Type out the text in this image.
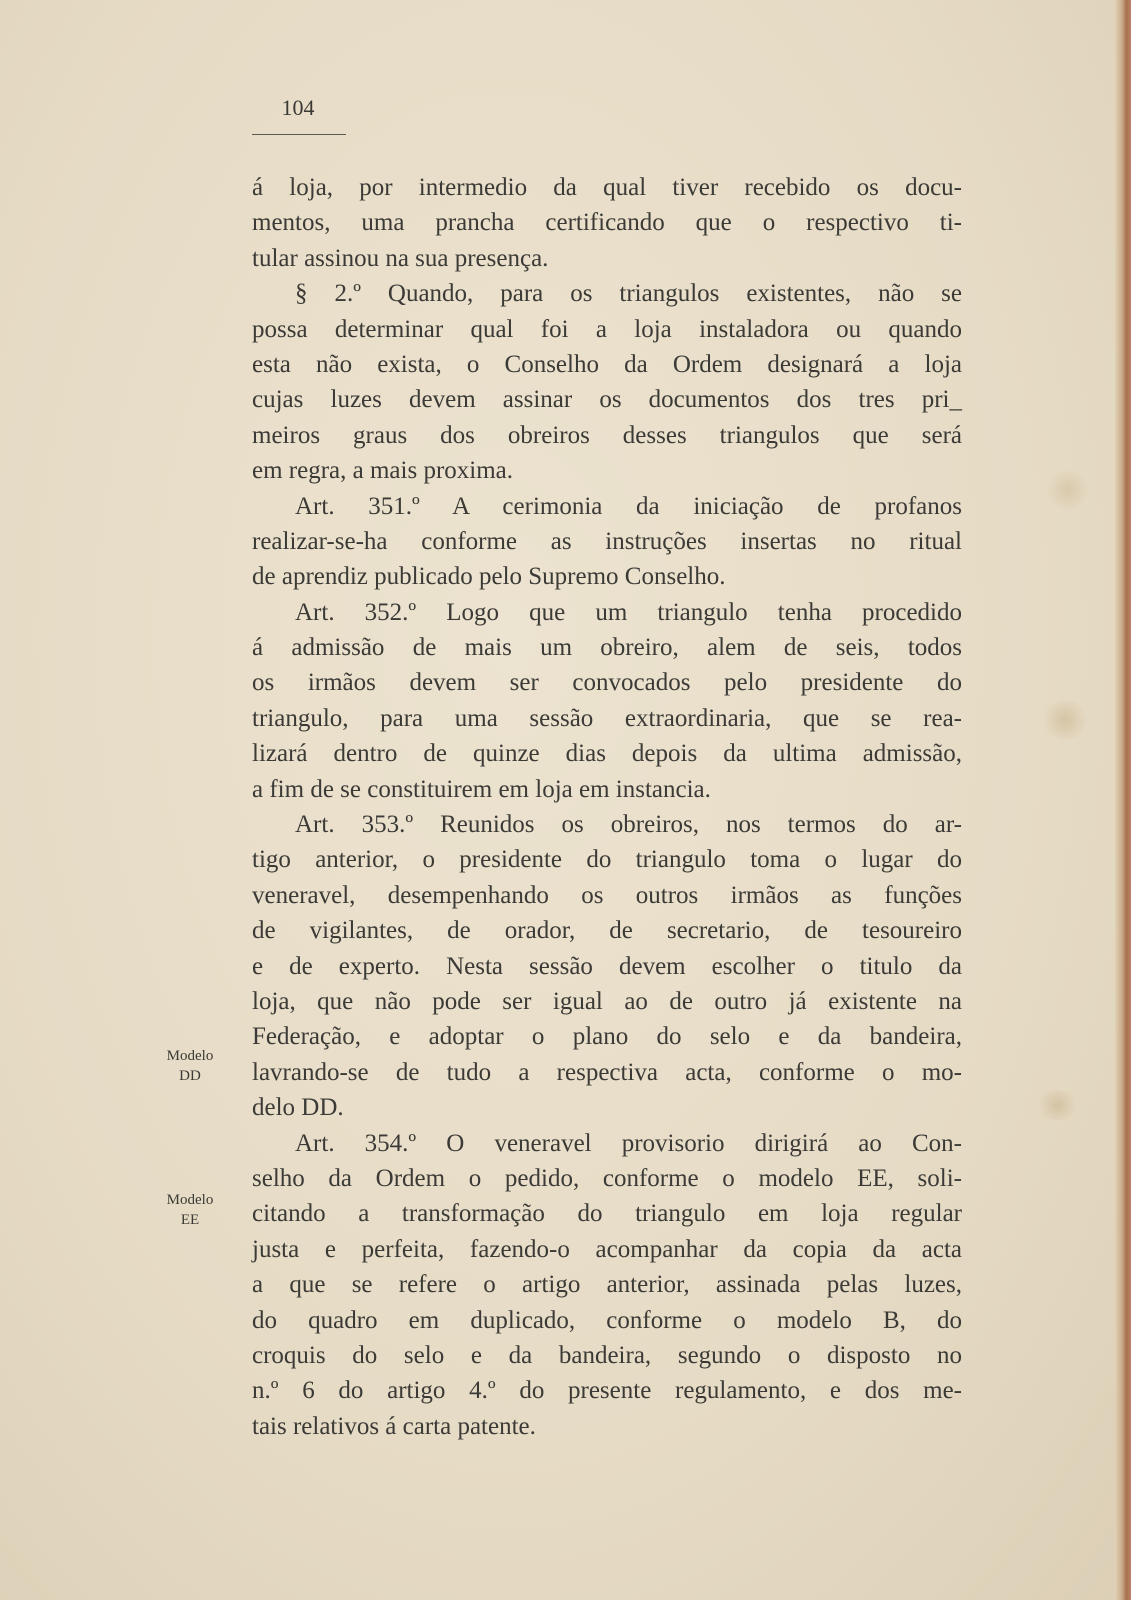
104
á loja, por intermedio da qual tiver recebido os docu-
mentos, uma prancha certificando que o respectivo ti-
tular assinou na sua presença.
§ 2.º Quando, para os triangulos existentes, não se
possa determinar qual foi a loja instaladora ou quando
esta não exista, o Conselho da Ordem designará a loja
cujas luzes devem assinar os documentos dos tres pri_
meiros graus dos obreiros desses triangulos que será
em regra, a mais proxima.
Art. 351.º A cerimonia da iniciação de profanos
realizar-se-ha conforme as instruções insertas no ritual
de aprendiz publicado pelo Supremo Conselho.
Art. 352.º Logo que um triangulo tenha procedido
á admissão de mais um obreiro, alem de seis, todos
os irmãos devem ser convocados pelo presidente do
triangulo, para uma sessão extraordinaria, que se rea-
lizará dentro de quinze dias depois da ultima admissão,
a fim de se constituirem em loja em instancia.
Art. 353.º Reunidos os obreiros, nos termos do ar-
tigo anterior, o presidente do triangulo toma o lugar do
veneravel, desempenhando os outros irmãos as funções
de vigilantes, de orador, de secretario, de tesoureiro
e de experto. Nesta sessão devem escolher o titulo da
loja, que não pode ser igual ao de outro já existente na
Federação, e adoptar o plano do selo e da bandeira,
lavrando-se de tudo a respectiva acta, conforme o mo-
delo DD.
Art. 354.º O veneravel provisorio dirigirá ao Con-
selho da Ordem o pedido, conforme o modelo EE, soli-
citando a transformação do triangulo em loja regular
justa e perfeita, fazendo-o acompanhar da copia da acta
a que se refere o artigo anterior, assinada pelas luzes,
do quadro em duplicado, conforme o modelo B, do
croquis do selo e da bandeira, segundo o disposto no
n.º 6 do artigo 4.º do presente regulamento, e dos me-
tais relativos á carta patente.
Modelo
DD
Modelo
EE
